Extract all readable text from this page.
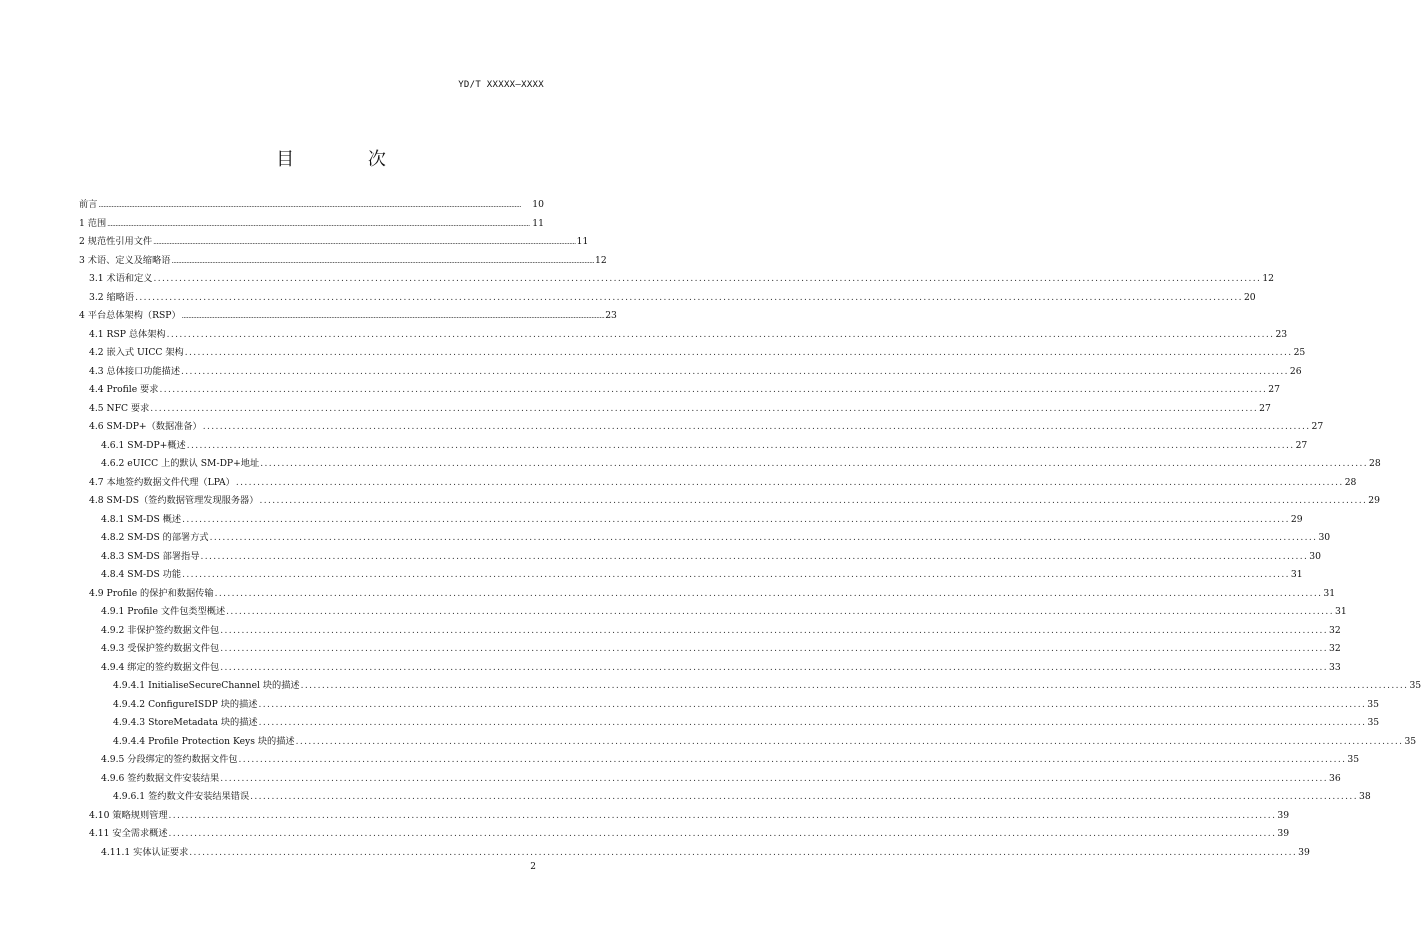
YD/T XXXXX—XXXX
目 次
前言 ....................................................................................................................................................................................................................................................................	10
1 范围 .................................................................................................................................................................................................................................................................... 11
2 规范性引用文件 .................................................................................................................................................................................................................................................................... 11
3 术语、定义及缩略语 .................................................................................................................................................................................................................................................................... 12
3.1 术语和定义 .................................................................................................................................................................................................................................................................... 12
3.2 缩略语 .................................................................................................................................................................................................................................................................... 20
4 平台总体架构（RSP） .................................................................................................................................................................................................................................................................... 23
4.1 RSP 总体架构 .................................................................................................................................................................................................................................................................... 23
4.2 嵌入式 UICC 架构 .................................................................................................................................................................................................................................................................... 25
4.3 总体接口功能描述 .................................................................................................................................................................................................................................................................... 26
4.4 Profile 要求 .................................................................................................................................................................................................................................................................... 27
4.5 NFC 要求 .................................................................................................................................................................................................................................................................... 27
4.6 SM-DP+（数据准备） .................................................................................................................................................................................................................................................................... 27
4.6.1 SM-DP+概述 .................................................................................................................................................................................................................................................................... 27
4.6.2 eUICC 上的默认 SM-DP+地址 .................................................................................................................................................................................................................................................................... 28
4.7 本地签约数据文件代理（LPA） .................................................................................................................................................................................................................................................................... 28
4.8 SM-DS（签约数据管理发现服务器） .................................................................................................................................................................................................................................................................... 29
4.8.1 SM-DS 概述 .................................................................................................................................................................................................................................................................... 29
4.8.2 SM-DS 的部署方式 .................................................................................................................................................................................................................................................................... 30
4.8.3 SM-DS 部署指导 .................................................................................................................................................................................................................................................................... 30
4.8.4 SM-DS 功能 .................................................................................................................................................................................................................................................................... 31
4.9 Profile 的保护和数据传输 .................................................................................................................................................................................................................................................................... 31
4.9.1 Profile 文件包类型概述 .................................................................................................................................................................................................................................................................... 31
4.9.2 非保护签约数据文件包 .................................................................................................................................................................................................................................................................... 32
4.9.3 受保护签约数据文件包 .................................................................................................................................................................................................................................................................... 32
4.9.4 绑定的签约数据文件包 .................................................................................................................................................................................................................................................................... 33
4.9.4.1 InitialiseSecureChannel 块的描述 .................................................................................................................................................................................................................................................................... 35
4.9.4.2 ConfigureISDP 块的描述 .................................................................................................................................................................................................................................................................... 35
4.9.4.3 StoreMetadata 块的描述 .................................................................................................................................................................................................................................................................... 35
4.9.4.4 Profile Protection Keys 块的描述 .................................................................................................................................................................................................................................................................... 35
4.9.5 分段绑定的签约数据文件包 .................................................................................................................................................................................................................................................................... 35
4.9.6 签约数据文件安装结果 .................................................................................................................................................................................................................................................................... 36
4.9.6.1 签约数文件安装结果错误 .................................................................................................................................................................................................................................................................... 38
4.10 策略规则管理 .................................................................................................................................................................................................................................................................... 39
4.11 安全需求概述 .................................................................................................................................................................................................................................................................... 39
4.11.1 实体认证要求 .................................................................................................................................................................................................................................................................... 39
2
